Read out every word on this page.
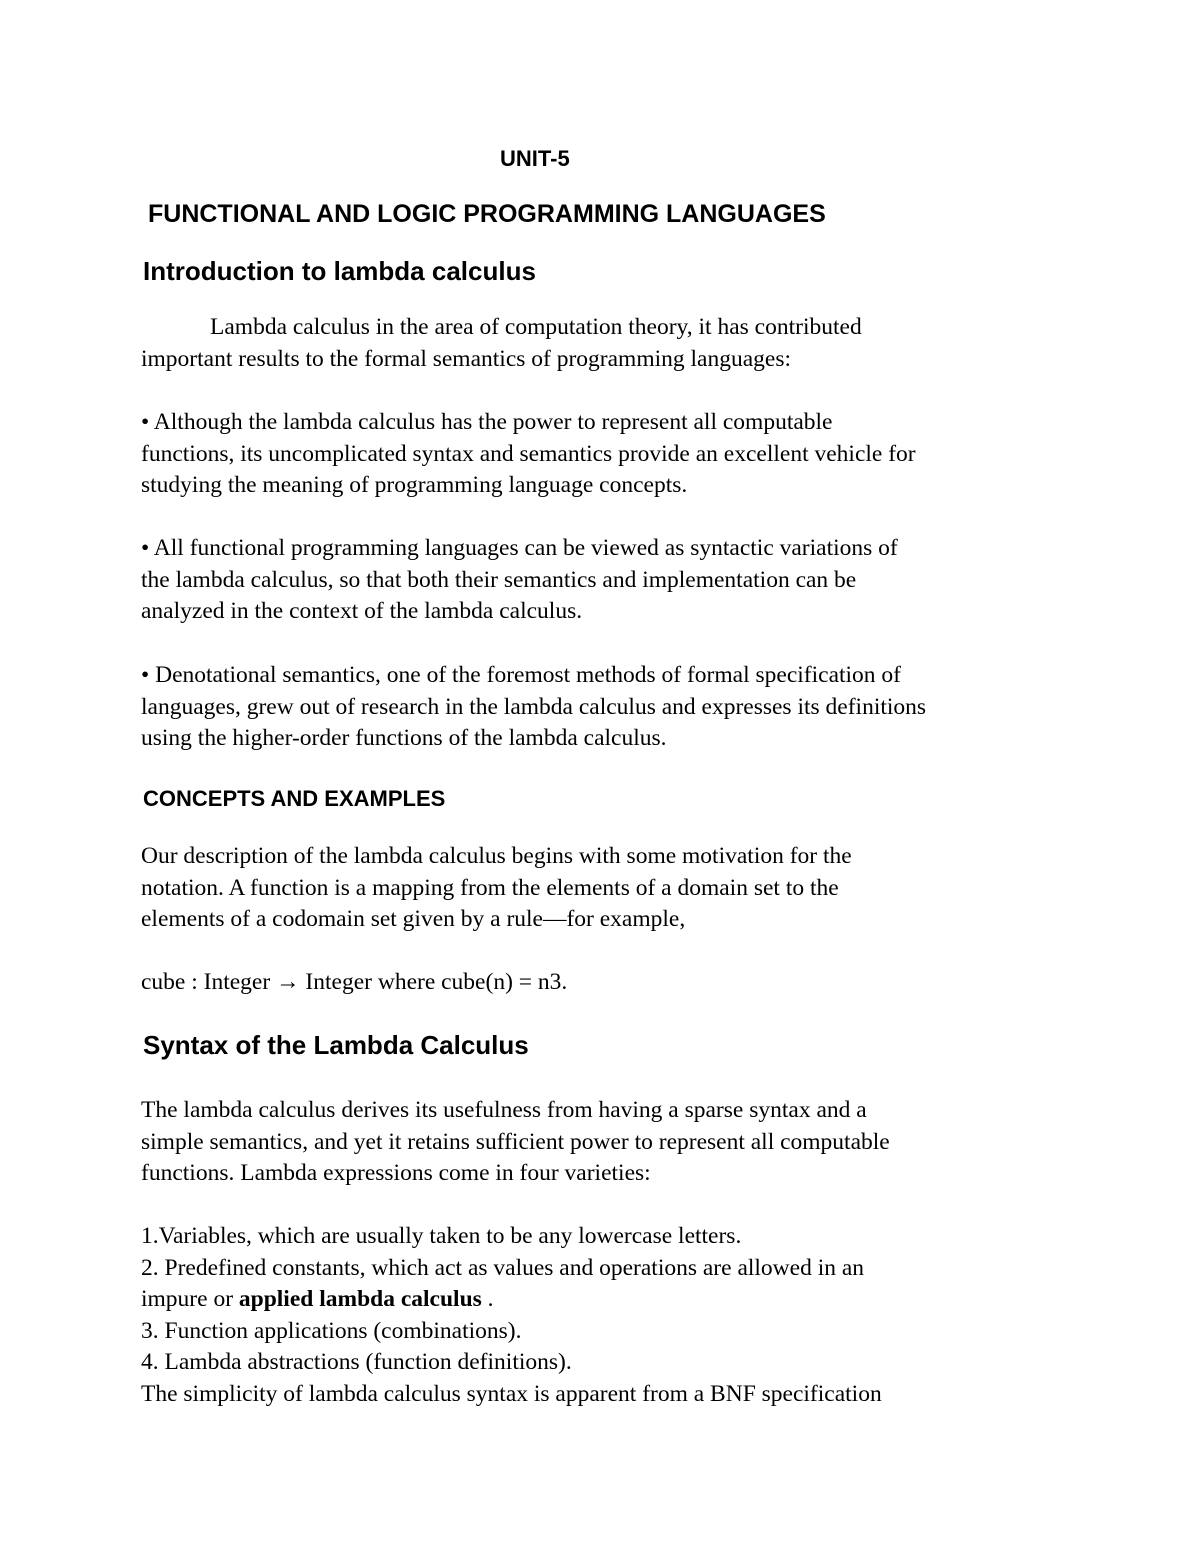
UNIT-5
FUNCTIONAL AND LOGIC PROGRAMMING LANGUAGES
Introduction to lambda calculus
Lambda calculus in the area of computation theory, it has contributed
important results to the formal semantics of programming languages:
• Although the lambda calculus has the power to represent all computable
functions, its uncomplicated syntax and semantics provide an excellent vehicle for
studying the meaning of programming language concepts.
• All functional programming languages can be viewed as syntactic variations of
the lambda calculus, so that both their semantics and implementation can be
analyzed in the context of the lambda calculus.
• Denotational semantics, one of the foremost methods of formal specification of
languages, grew out of research in the lambda calculus and expresses its definitions
using the higher-order functions of the lambda calculus.
CONCEPTS AND EXAMPLES
Our description of the lambda calculus begins with some motivation for the
notation. A function is a mapping from the elements of a domain set to the
elements of a codomain set given by a rule—for example,
cube : Integer → Integer where cube(n) = n3.
Syntax of the Lambda Calculus
The lambda calculus derives its usefulness from having a sparse syntax and a
simple semantics, and yet it retains sufficient power to represent all computable
functions. Lambda expressions come in four varieties:
1.Variables, which are usually taken to be any lowercase letters.
2. Predefined constants, which act as values and operations are allowed in an
impure or applied lambda calculus .
3. Function applications (combinations).
4. Lambda abstractions (function definitions).
The simplicity of lambda calculus syntax is apparent from a BNF specification
